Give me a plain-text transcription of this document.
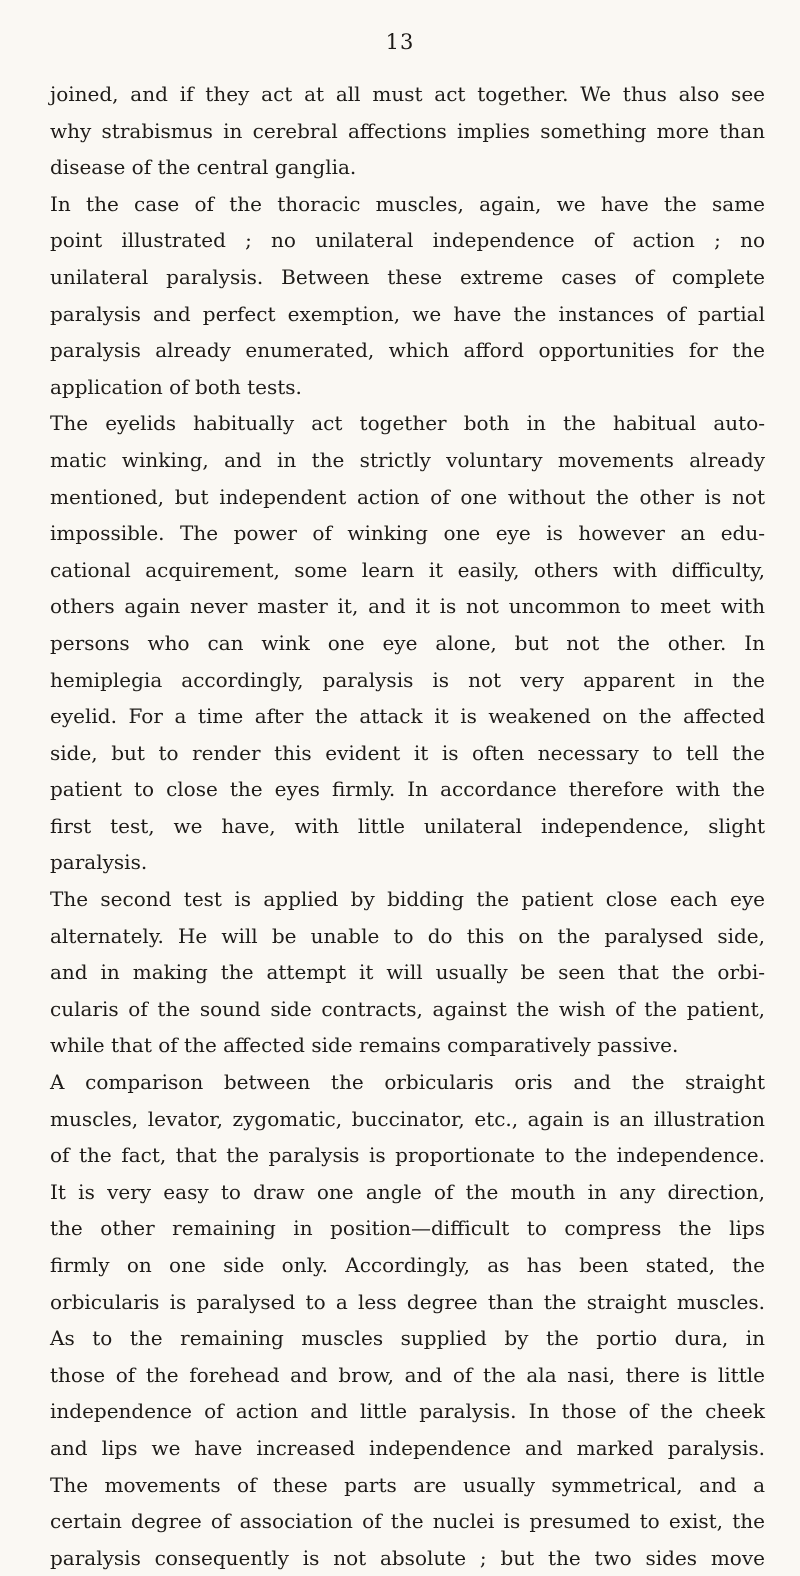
13
joined, and if they act at all must act together. We thus also see
why strabismus in cerebral affections implies something more than
disease of the central ganglia.
In the case of the thoracic muscles, again, we have the same
point illustrated ; no unilateral independence of action ; no
unilateral paralysis. Between these extreme cases of complete
paralysis and perfect exemption, we have the instances of partial
paralysis already enumerated, which afford opportunities for the
application of both tests.
The eyelids habitually act together both in the habitual auto-
matic winking, and in the strictly voluntary movements already
mentioned, but independent action of one without the other is not
impossible. The power of winking one eye is however an edu-
cational acquirement, some learn it easily, others with difficulty,
others again never master it, and it is not uncommon to meet with
persons who can wink one eye alone, but not the other. In
hemiplegia accordingly, paralysis is not very apparent in the
eyelid. For a time after the attack it is weakened on the affected
side, but to render this evident it is often necessary to tell the
patient to close the eyes firmly. In accordance therefore with the
first test, we have, with little unilateral independence, slight
paralysis.
The second test is applied by bidding the patient close each eye
alternately. He will be unable to do this on the paralysed side,
and in making the attempt it will usually be seen that the orbi-
cularis of the sound side contracts, against the wish of the patient,
while that of the affected side remains comparatively passive.
A comparison between the orbicularis oris and the straight
muscles, levator, zygomatic, buccinator, etc., again is an illustration
of the fact, that the paralysis is proportionate to the independence.
It is very easy to draw one angle of the mouth in any direction,
the other remaining in position—difficult to compress the lips
firmly on one side only. Accordingly, as has been stated, the
orbicularis is paralysed to a less degree than the straight muscles.
As to the remaining muscles supplied by the portio dura, in
those of the forehead and brow, and of the ala nasi, there is little
independence of action and little paralysis. In those of the cheek
and lips we have increased independence and marked paralysis.
The movements of these parts are usually symmetrical, and a
certain degree of association of the nuclei is presumed to exist, the
paralysis consequently is not absolute ; but the two sides move
